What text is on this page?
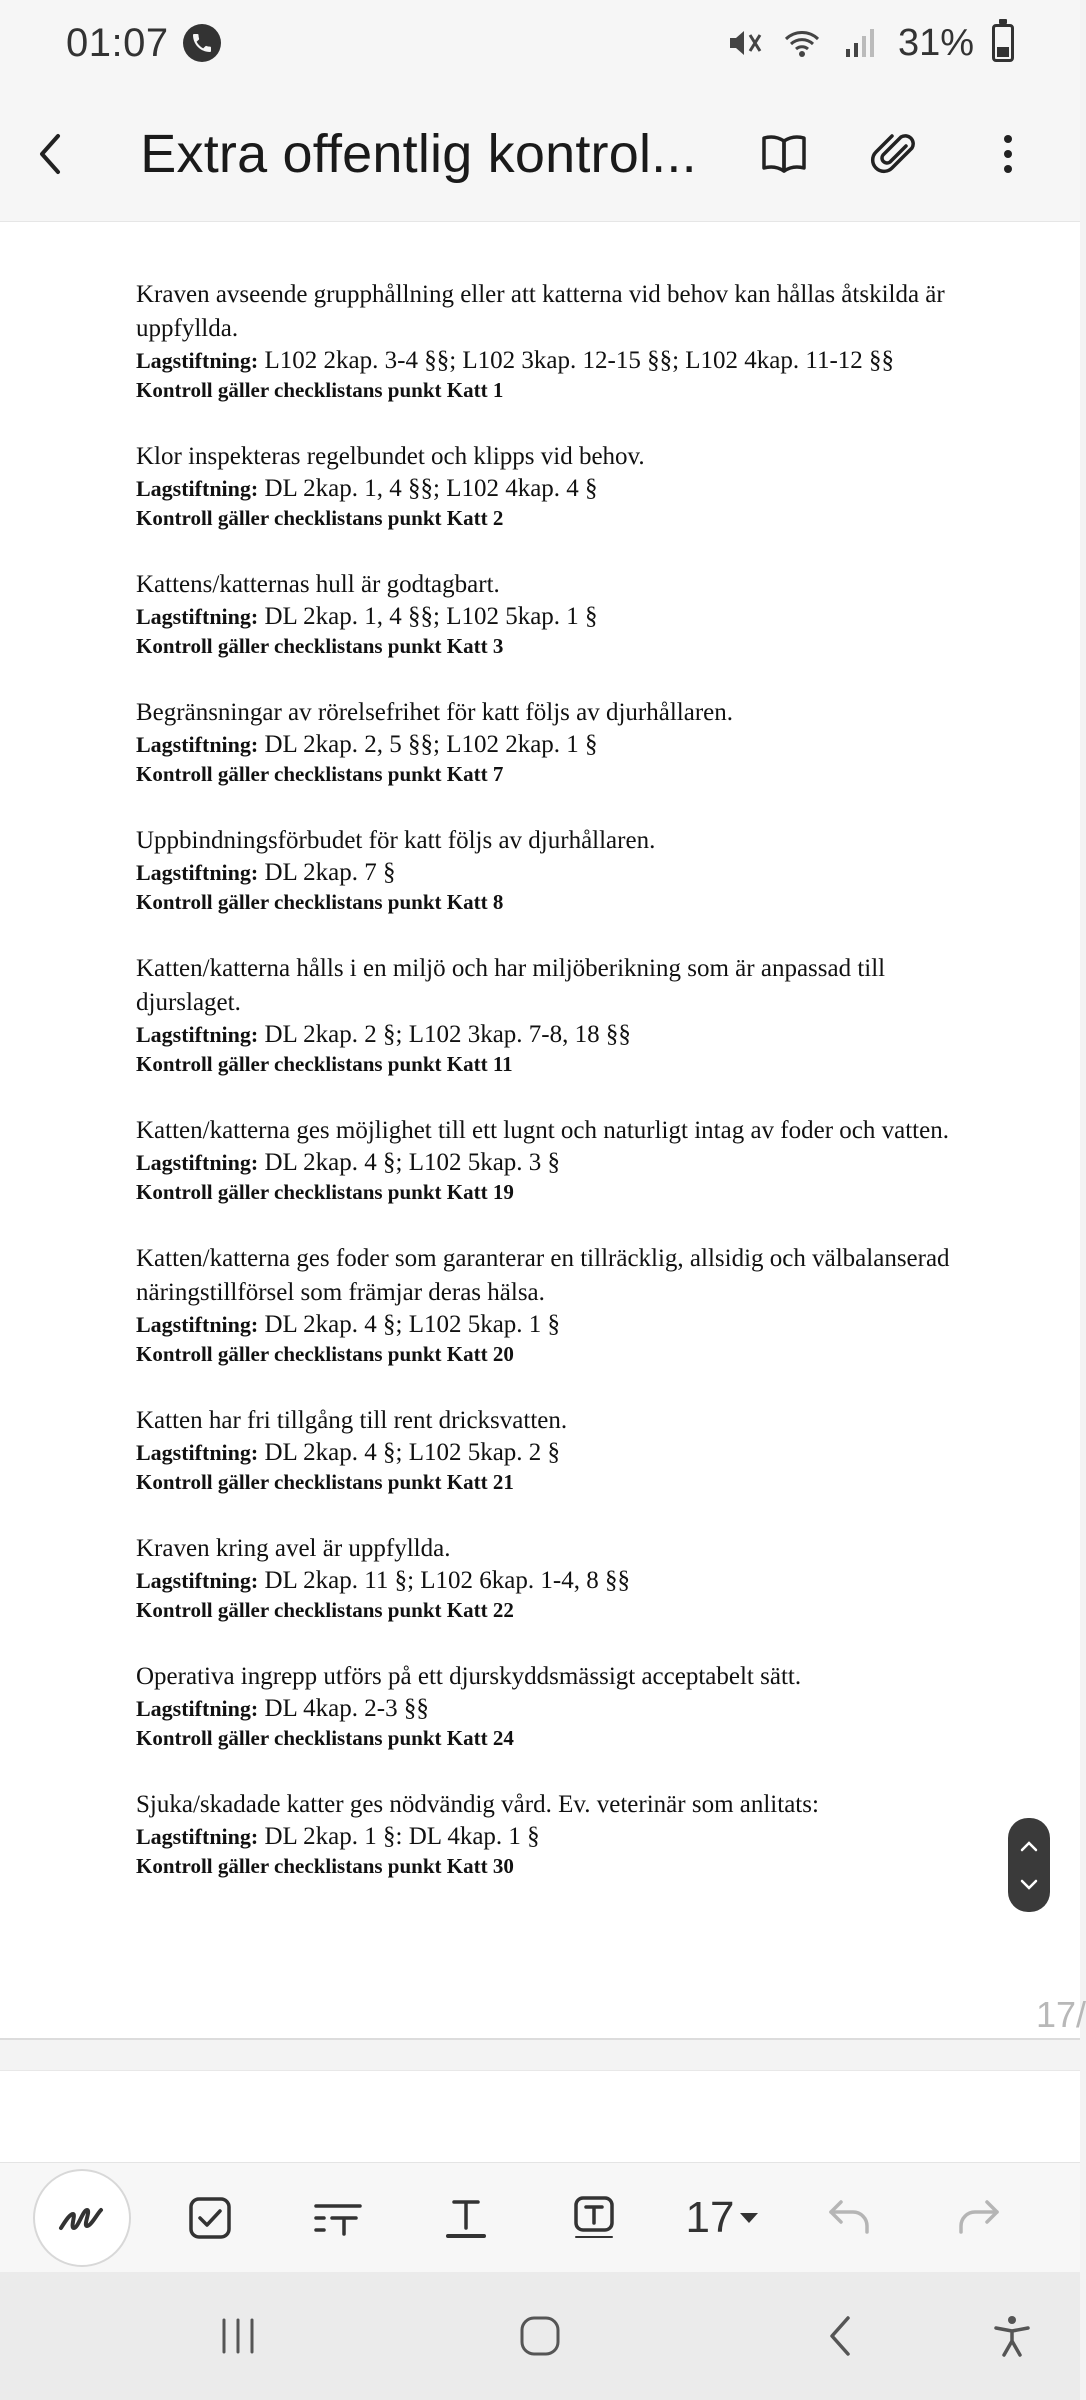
01:07	31%
Extra offentlig kontrol...
Kraven avseende grupphållning eller att katterna vid behov kan hållas åtskilda är uppfyllda.
Lagstiftning: L102 2kap. 3-4 §§; L102 3kap. 12-15 §§; L102 4kap. 11-12 §§
Kontroll gäller checklistans punkt Katt 1
Klor inspekteras regelbundet och klipps vid behov.
Lagstiftning: DL 2kap. 1, 4 §§; L102 4kap. 4 §
Kontroll gäller checklistans punkt Katt 2
Kattens/katternas hull är godtagbart.
Lagstiftning: DL 2kap. 1, 4 §§; L102 5kap. 1 §
Kontroll gäller checklistans punkt Katt 3
Begränsningar av rörelsefrihet för katt följs av djurhållaren.
Lagstiftning: DL 2kap. 2, 5 §§; L102 2kap. 1 §
Kontroll gäller checklistans punkt Katt 7
Uppbindningsförbudet för katt följs av djurhållaren.
Lagstiftning: DL 2kap. 7 §
Kontroll gäller checklistans punkt Katt 8
Katten/katterna hålls i en miljö och har miljöberikning som är anpassad till djurslaget.
Lagstiftning: DL 2kap. 2 §; L102 3kap. 7-8, 18 §§
Kontroll gäller checklistans punkt Katt 11
Katten/katterna ges möjlighet till ett lugnt och naturligt intag av foder och vatten.
Lagstiftning: DL 2kap. 4 §; L102 5kap. 3 §
Kontroll gäller checklistans punkt Katt 19
Katten/katterna ges foder som garanterar en tillräcklig, allsidig och välbalanserad näringstillförsel som främjar deras hälsa.
Lagstiftning: DL 2kap. 4 §; L102 5kap. 1 §
Kontroll gäller checklistans punkt Katt 20
Katten har fri tillgång till rent dricksvatten.
Lagstiftning: DL 2kap. 4 §; L102 5kap. 2 §
Kontroll gäller checklistans punkt Katt 21
Kraven kring avel är uppfyllda.
Lagstiftning: DL 2kap. 11 §; L102 6kap. 1-4, 8 §§
Kontroll gäller checklistans punkt Katt 22
Operativa ingrepp utförs på ett djurskyddsmässigt acceptabelt sätt.
Lagstiftning: DL 4kap. 2-3 §§
Kontroll gäller checklistans punkt Katt 24
Sjuka/skadade katter ges nödvändig vård. Ev. veterinär som anlitats:
Lagstiftning: DL 2kap. 1 §: DL 4kap. 1 §
Kontroll gäller checklistans punkt Katt 30
17/
17
